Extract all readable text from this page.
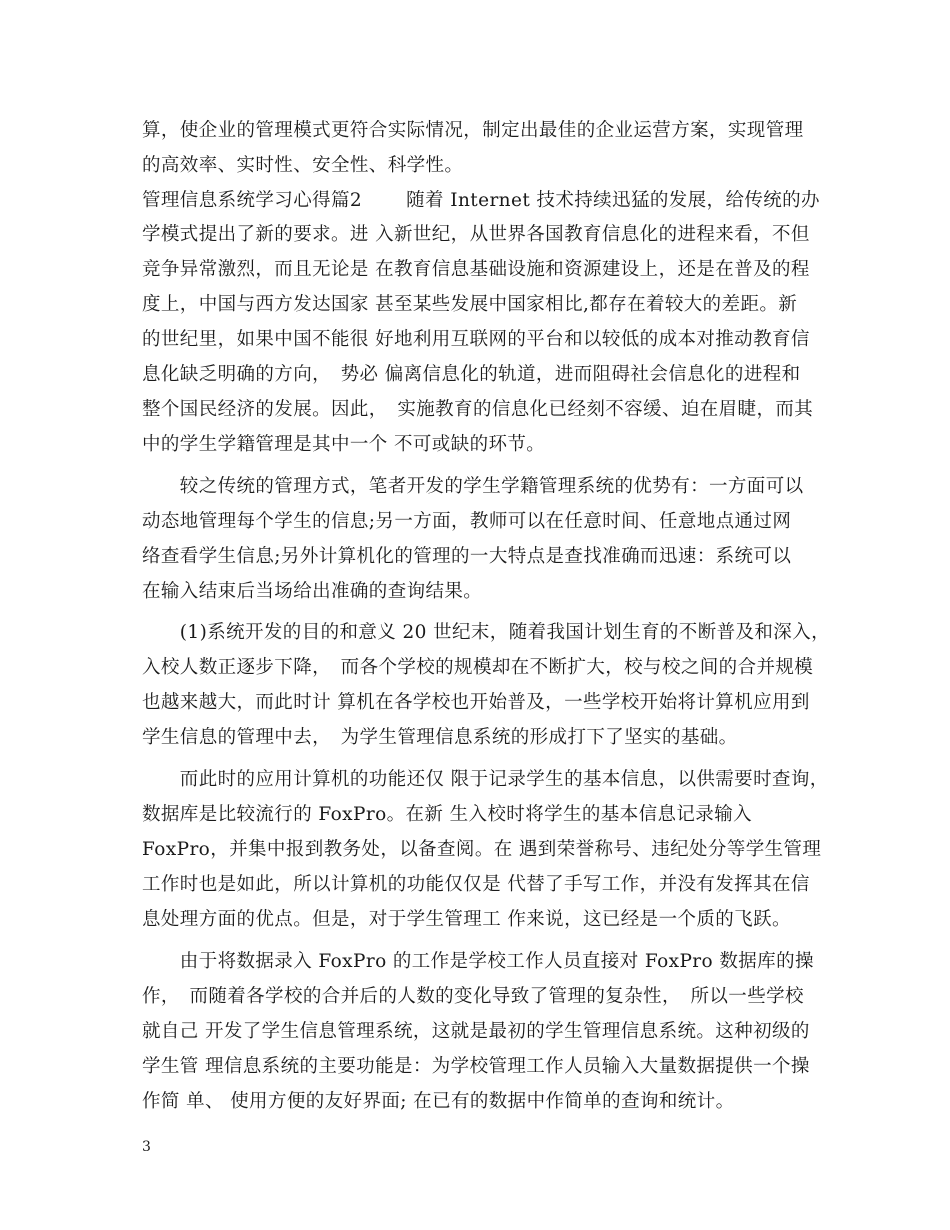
算，使企业的管理模式更符合实际情况，制定出最佳的企业运营方案，实现管理
的高效率、实时性、安全性、科学性。
管理信息系统学习心得篇2　　 随着 Internet 技术持续迅猛的发展，给传统的办
学模式提出了新的要求。进 入新世纪，从世界各国教育信息化的进程来看，不但
竞争异常激烈，而且无论是 在教育信息基础设施和资源建设上，还是在普及的程
度上，中国与西方发达国家 甚至某些发展中国家相比,都存在着较大的差距。新
的世纪里，如果中国不能很 好地利用互联网的平台和以较低的成本对推动教育信
息化缺乏明确的方向，　势必 偏离信息化的轨道，进而阻碍社会信息化的进程和
整个国民经济的发展。因此，　实施教育的信息化已经刻不容缓、迫在眉睫，而其
中的学生学籍管理是其中一个 不可或缺的环节。
　　较之传统的管理方式，笔者开发的学生学籍管理系统的优势有：一方面可以
动态地管理每个学生的信息;另一方面，教师可以在任意时间、任意地点通过网
络查看学生信息;另外计算机化的管理的一大特点是查找准确而迅速：系统可以
在输入结束后当场给出准确的查询结果。
　　(1)系统开发的目的和意义 20 世纪末，随着我国计划生育的不断普及和深入，
入校人数正逐步下降，　而各个学校的规模却在不断扩大，校与校之间的合并规模
也越来越大，而此时计 算机在各学校也开始普及，一些学校开始将计算机应用到
学生信息的管理中去，　为学生管理信息系统的形成打下了坚实的基础。
　　而此时的应用计算机的功能还仅 限于记录学生的基本信息，以供需要时查询，
数据库是比较流行的 FoxPro。在新 生入校时将学生的基本信息记录输入
FoxPro，并集中报到教务处，以备查阅。在 遇到荣誉称号、违纪处分等学生管理
工作时也是如此，所以计算机的功能仅仅是 代替了手写工作，并没有发挥其在信
息处理方面的优点。但是，对于学生管理工 作来说，这已经是一个质的飞跃。
　　由于将数据录入 FoxPro 的工作是学校工作人员直接对 FoxPro 数据库的操
作，　而随着各学校的合并后的人数的变化导致了管理的复杂性，　所以一些学校
就自己 开发了学生信息管理系统，这就是最初的学生管理信息系统。这种初级的
学生管 理信息系统的主要功能是：为学校管理工作人员输入大量数据提供一个操
作简 单、 使用方便的友好界面; 在已有的数据中作简单的查询和统计。
3
